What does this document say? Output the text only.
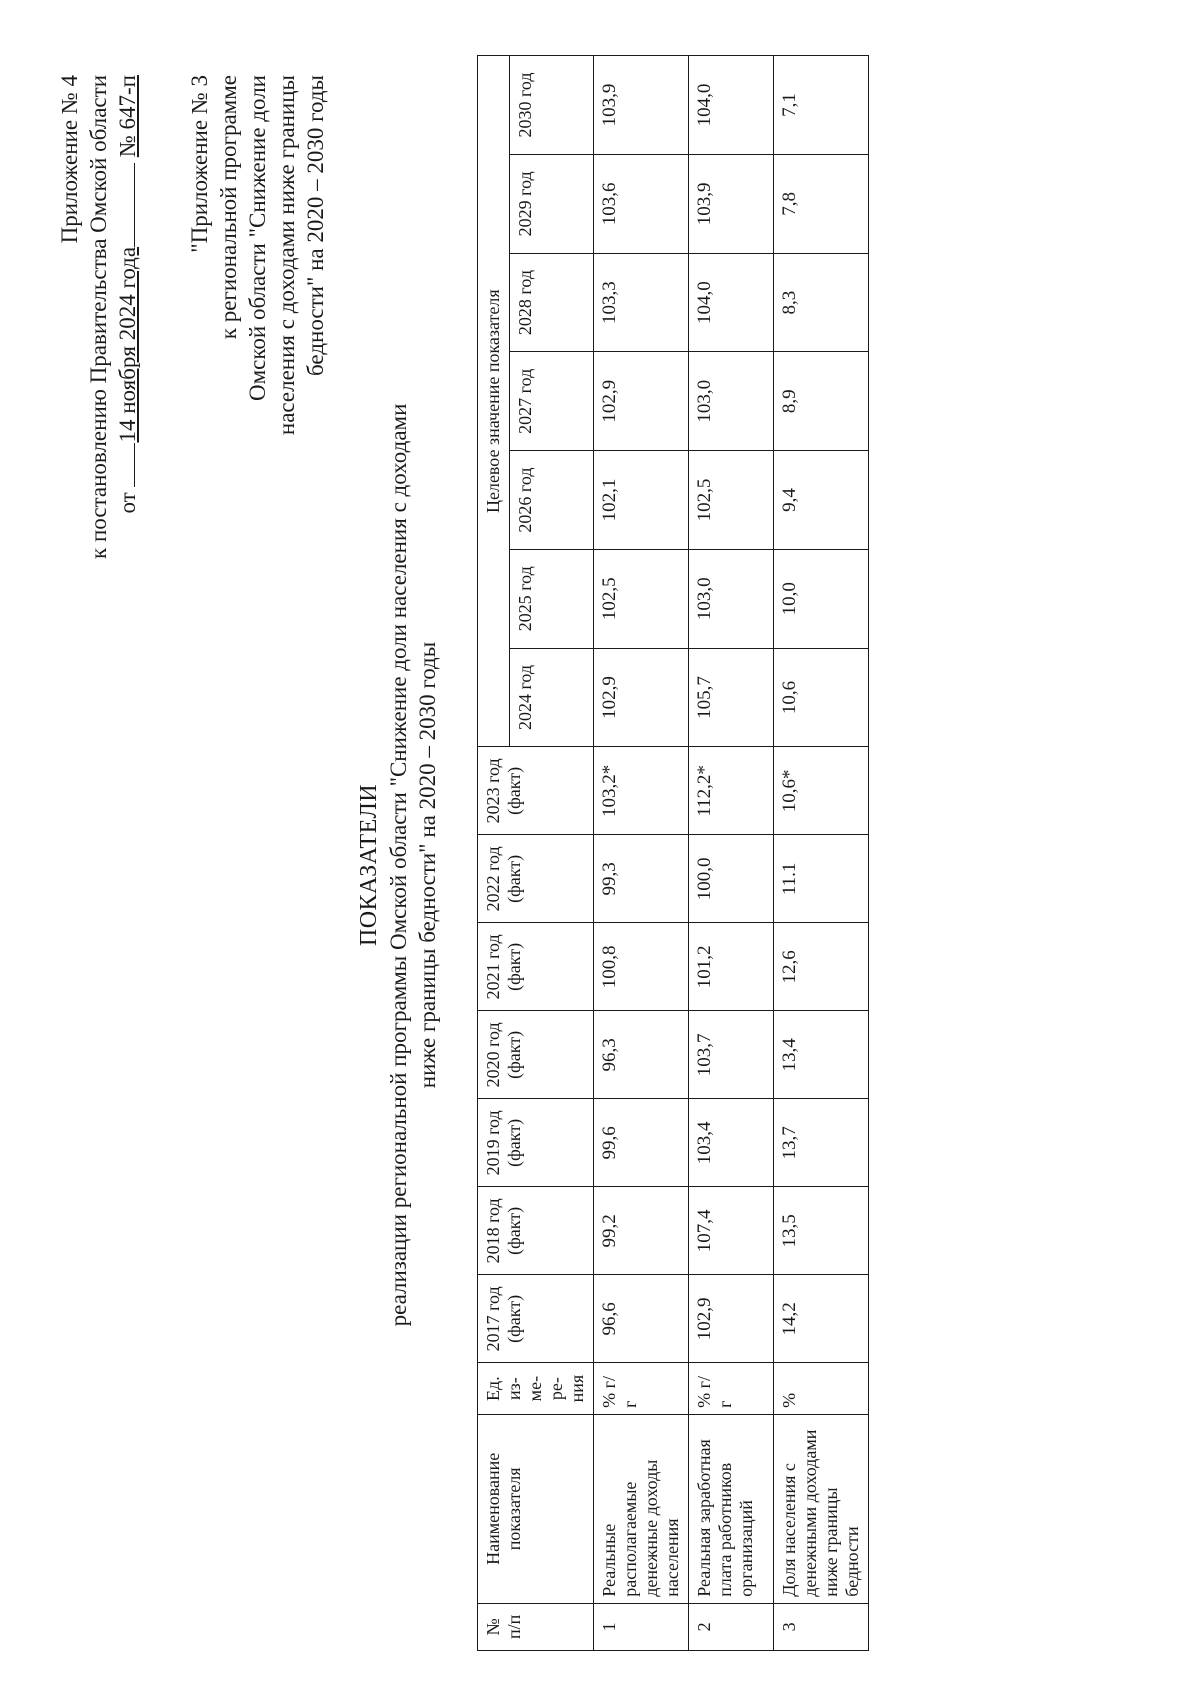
Приложение № 4 к постановлению Правительства Омской области от 14 ноября 2024 года № 647-п "Приложение № 3 к региональной программе Омской области "Снижение доли населения с доходами ниже границы бедности" на 2020 – 2030 годы
ПОКАЗАТЕЛИ реализации региональной программы Омской области "Снижение доли населения с доходами ниже границы бедности" на 2020 – 2030 годы
№ п/п	Наименование показателя	Ед. из- ме- ре- ния	2017 год (факт)	2018 год (факт)	2019 год (факт)	2020 год (факт)	2021 год (факт)	2022 год (факт)	2023 год (факт)	Целевое значение показателя						
										2024 год	2025 год	2026 год	2027 год	2028 год	2029 год	2030 год
1	Реальные располагаемые денежные доходы населения	% г/г	96,6	99,2	99,6	96,3	100,8	99,3	103,2*	102,9	102,5	102,1	102,9	103,3	103,6	103,9
2	Реальная заработная плата работников организаций	% г/г	102,9	107,4	103,4	103,7	101,2	100,0	112,2*	105,7	103,0	102,5	103,0	104,0	103,9	104,0
3	Доля населения с денежными доходами ниже границы бедности	%	14,2	13,5	13,7	13,4	12,6	11.1	10,6*	10,6	10,0	9,4	8,9	8,3	7,8	7,1
